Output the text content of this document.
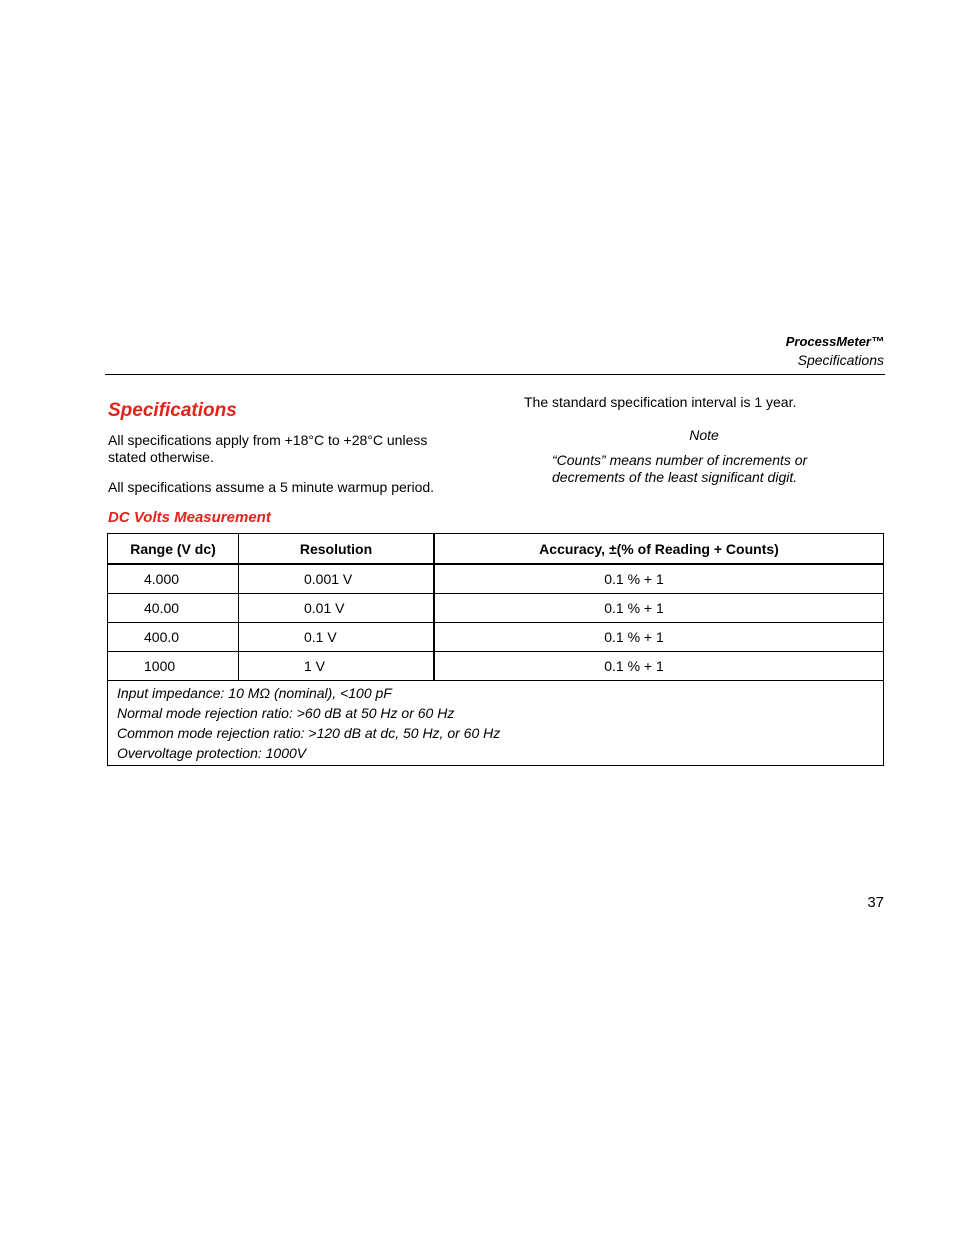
ProcessMeter™
Specifications
Specifications
All specifications apply from +18°C to +28°C unless stated otherwise.
All specifications assume a 5 minute warmup period.
The standard specification interval is 1 year.
Note
“Counts” means number of increments or decrements of the least significant digit.
DC Volts Measurement
Range (V dc)	Resolution	Accuracy, ±(% of Reading + Counts)
4.000	0.001 V	0.1 % + 1
40.00	0.01 V	0.1 % + 1
400.0	0.1 V	0.1 % + 1
1000	1 V	0.1 % + 1

Input impedance: 10 MΩ (nominal), <100 pF
Normal mode rejection ratio: >60 dB at 50 Hz or 60 Hz
Common mode rejection ratio: >120 dB at dc, 50 Hz, or 60 Hz
Overvoltage protection: 1000V		
37
